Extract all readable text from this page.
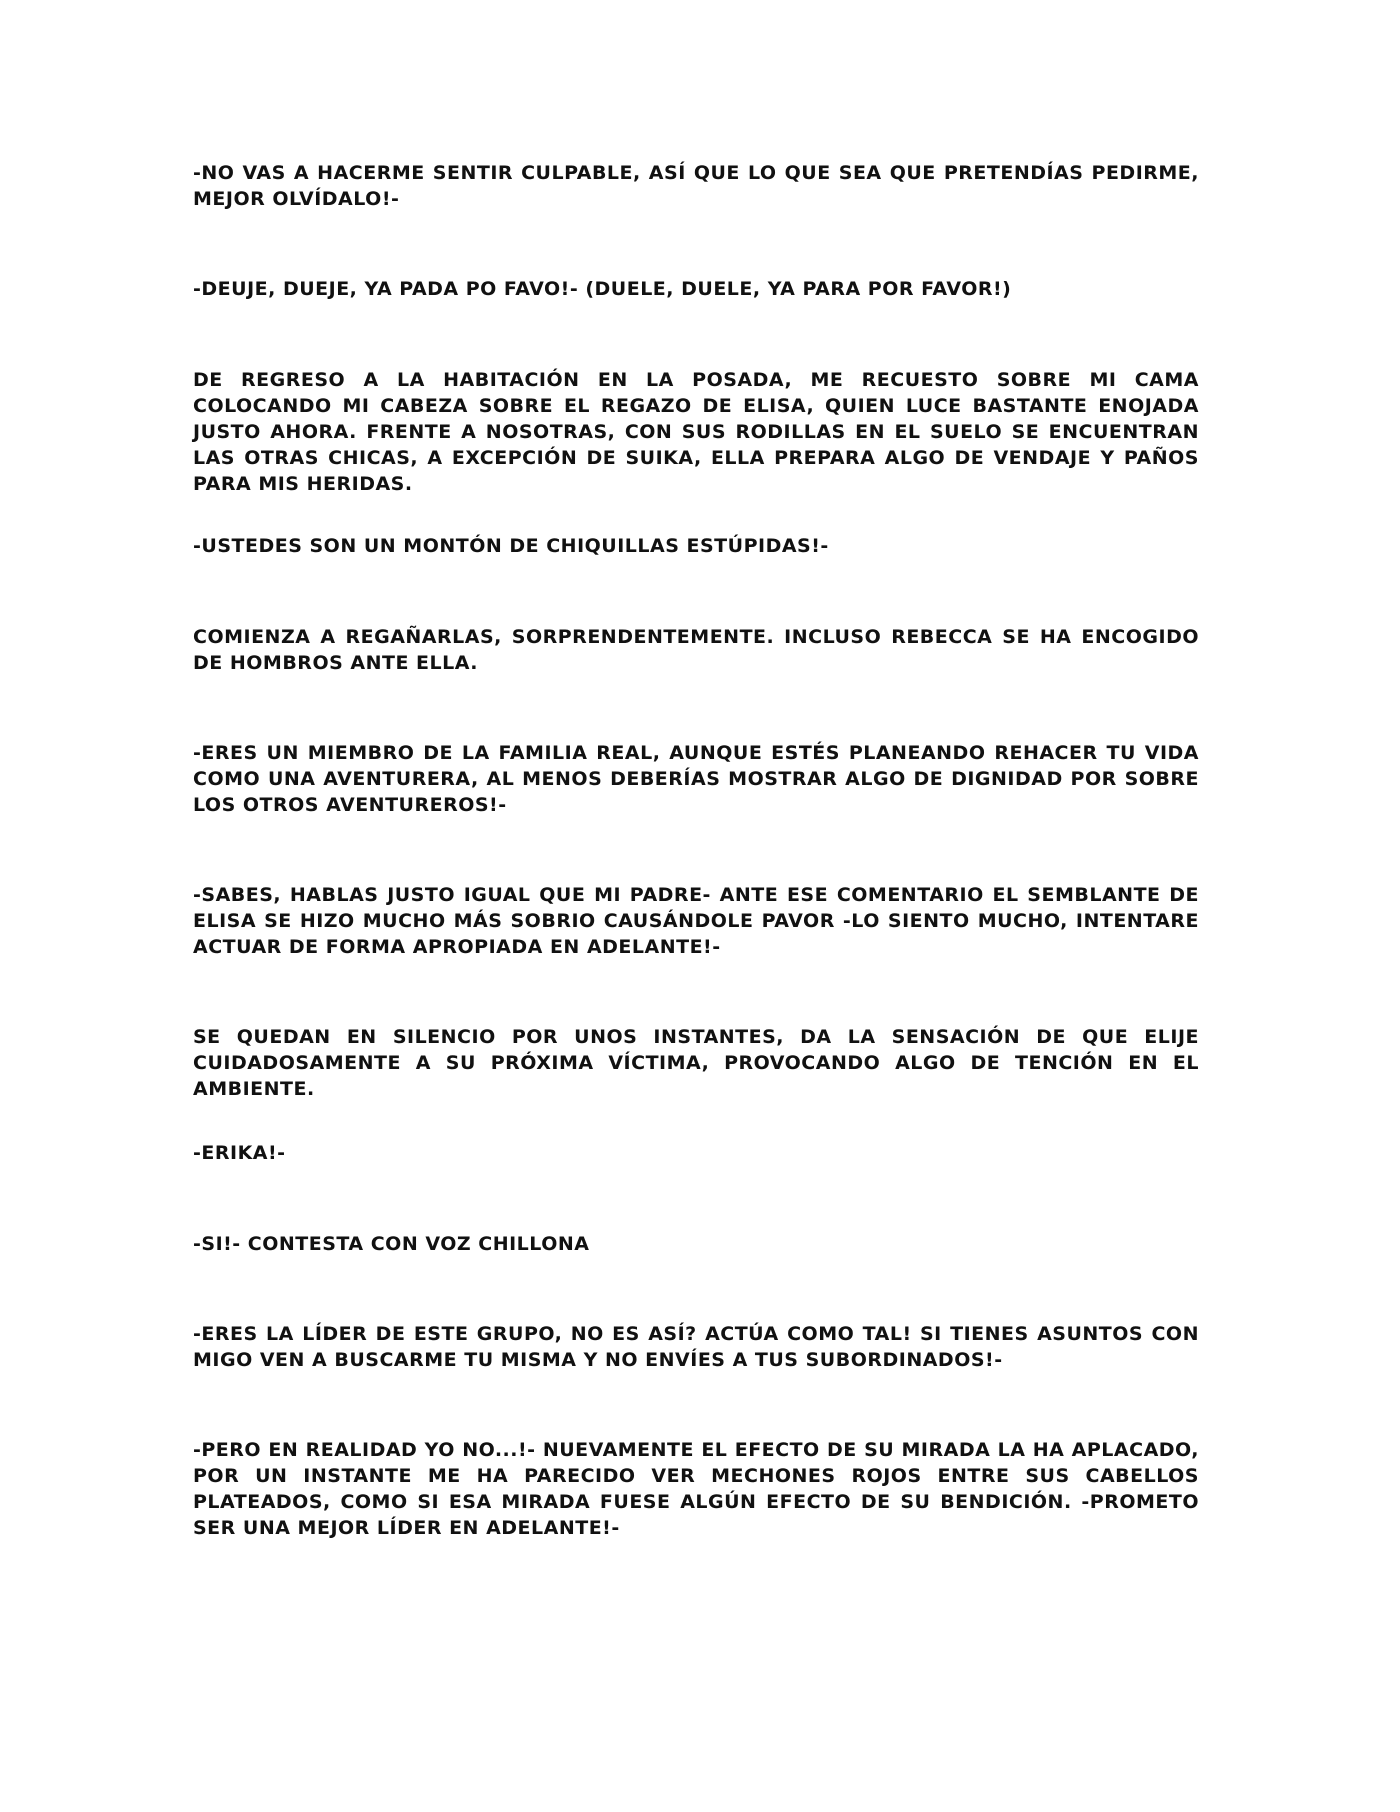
-NO VAS A HACERME SENTIR CULPABLE, ASÍ QUE LO QUE SEA QUE PRETENDÍAS PEDIRME, MEJOR OLVÍDALO!-

-DEUJE, DUEJE, YA PADA PO FAVO!- (DUELE, DUELE, YA PARA POR FAVOR!)

DE REGRESO A LA HABITACIÓN EN LA POSADA, ME RECUESTO SOBRE MI CAMA COLOCANDO MI CABEZA SOBRE EL REGAZO DE ELISA, QUIEN LUCE BASTANTE ENOJADA JUSTO AHORA. FRENTE A NOSOTRAS, CON SUS RODILLAS EN EL SUELO SE ENCUENTRAN LAS OTRAS CHICAS, A EXCEPCIÓN DE SUIKA, ELLA PREPARA ALGO DE VENDAJE Y PAÑOS PARA MIS HERIDAS.

-USTEDES SON UN MONTÓN DE CHIQUILLAS ESTÚPIDAS!-

COMIENZA A REGAÑARLAS, SORPRENDENTEMENTE. INCLUSO REBECCA SE HA ENCOGIDO DE HOMBROS ANTE ELLA.

-ERES UN MIEMBRO DE LA FAMILIA REAL, AUNQUE ESTÉS PLANEANDO REHACER TU VIDA COMO UNA AVENTURERA, AL MENOS DEBERÍAS MOSTRAR ALGO DE DIGNIDAD POR SOBRE LOS OTROS AVENTUREROS!-

-SABES, HABLAS JUSTO IGUAL QUE MI PADRE- ANTE ESE COMENTARIO EL SEMBLANTE DE ELISA SE HIZO MUCHO MÁS SOBRIO CAUSÁNDOLE PAVOR -LO SIENTO MUCHO, INTENTARE ACTUAR DE FORMA APROPIADA EN ADELANTE!-

SE QUEDAN EN SILENCIO POR UNOS INSTANTES, DA LA SENSACIÓN DE QUE ELIJE CUIDADOSAMENTE A SU PRÓXIMA VÍCTIMA, PROVOCANDO ALGO DE TENCIÓN EN EL AMBIENTE.

-ERIKA!-

-SI!- CONTESTA CON VOZ CHILLONA

-ERES LA LÍDER DE ESTE GRUPO, NO ES ASÍ? ACTÚA COMO TAL! SI TIENES ASUNTOS CON MIGO VEN A BUSCARME TU MISMA Y NO ENVÍES A TUS SUBORDINADOS!-

-PERO EN REALIDAD YO NO...!- NUEVAMENTE EL EFECTO DE SU MIRADA LA HA APLACADO, POR UN INSTANTE ME HA PARECIDO VER MECHONES ROJOS ENTRE SUS CABELLOS PLATEADOS, COMO SI ESA MIRADA FUESE ALGÚN EFECTO DE SU BENDICIÓN. -PROMETO SER UNA MEJOR LÍDER EN ADELANTE!-
